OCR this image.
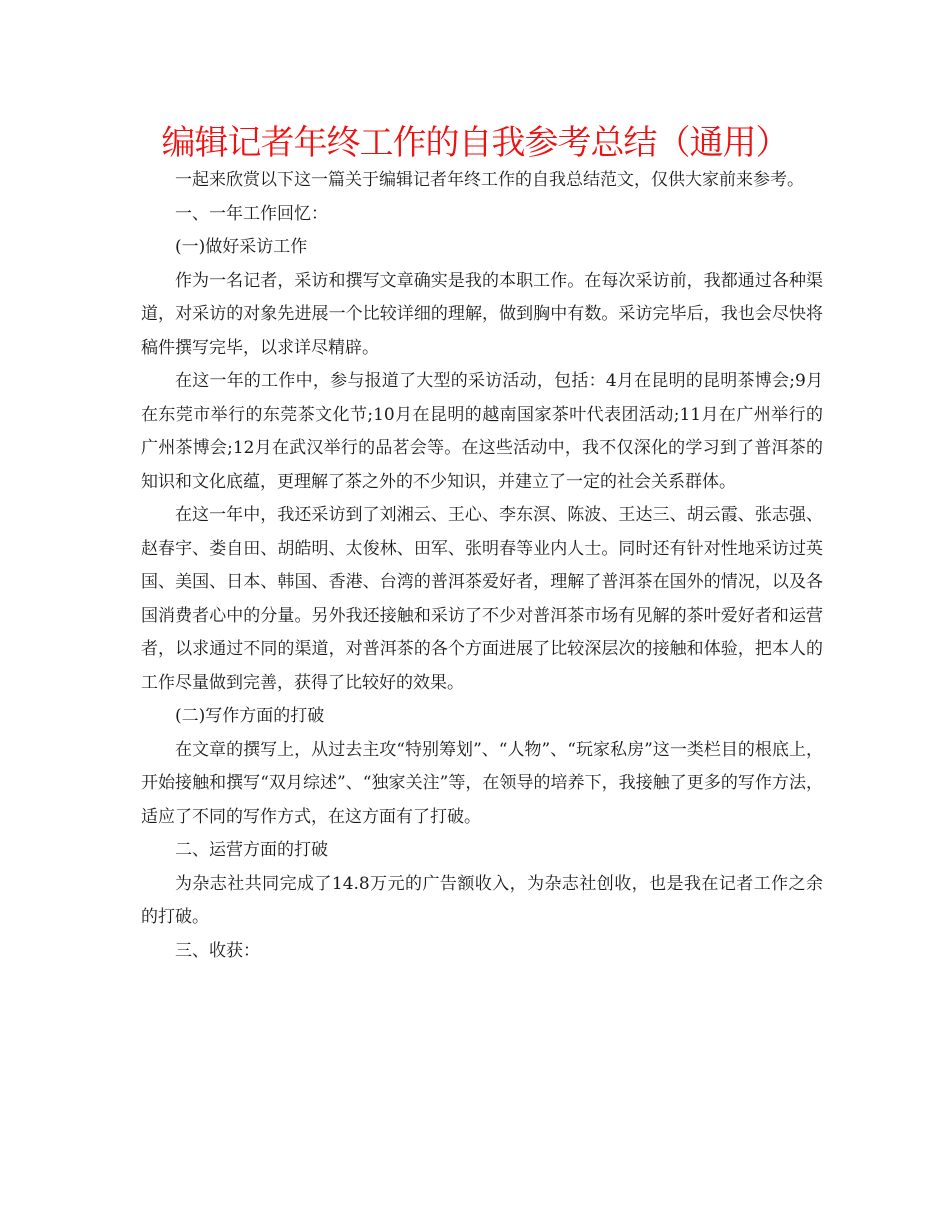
编辑记者年终工作的自我参考总结（通用）

一起来欣赏以下这一篇关于编辑记者年终工作的自我总结范文，仅供大家前来参考。

一、一年工作回忆：

(一)做好采访工作

作为一名记者，采访和撰写文章确实是我的本职工作。在每次采访前，我都通过各种渠道，对采访的对象先进展一个比较详细的理解，做到胸中有数。采访完毕后，我也会尽快将稿件撰写完毕，以求详尽精辟。

在这一年的工作中，参与报道了大型的采访活动，包括：4月在昆明的昆明茶博会;9月在东莞市举行的东莞茶文化节;10月在昆明的越南国家茶叶代表团活动;11月在广州举行的广州茶博会;12月在武汉举行的品茗会等。在这些活动中，我不仅深化的学习到了普洱茶的知识和文化底蕴，更理解了茶之外的不少知识，并建立了一定的社会关系群体。

在这一年中，我还采访到了刘湘云、王心、李东溟、陈波、王达三、胡云霞、张志强、赵春宇、娄自田、胡皓明、太俊林、田军、张明春等业内人士。同时还有针对性地采访过英国、美国、日本、韩国、香港、台湾的普洱茶爱好者，理解了普洱茶在国外的情况，以及各国消费者心中的分量。另外我还接触和采访了不少对普洱茶市场有见解的茶叶爱好者和运营者，以求通过不同的渠道，对普洱茶的各个方面进展了比较深层次的接触和体验，把本人的工作尽量做到完善，获得了比较好的效果。

(二)写作方面的打破

在文章的撰写上，从过去主攻“特别筹划”、“人物”、“玩家私房”这一类栏目的根底上，开始接触和撰写“双月综述”、“独家关注”等，在领导的培养下，我接触了更多的写作方法，适应了不同的写作方式，在这方面有了打破。

二、运营方面的打破

为杂志社共同完成了14.8万元的广告额收入，为杂志社创收，也是我在记者工作之余的打破。

三、收获：
